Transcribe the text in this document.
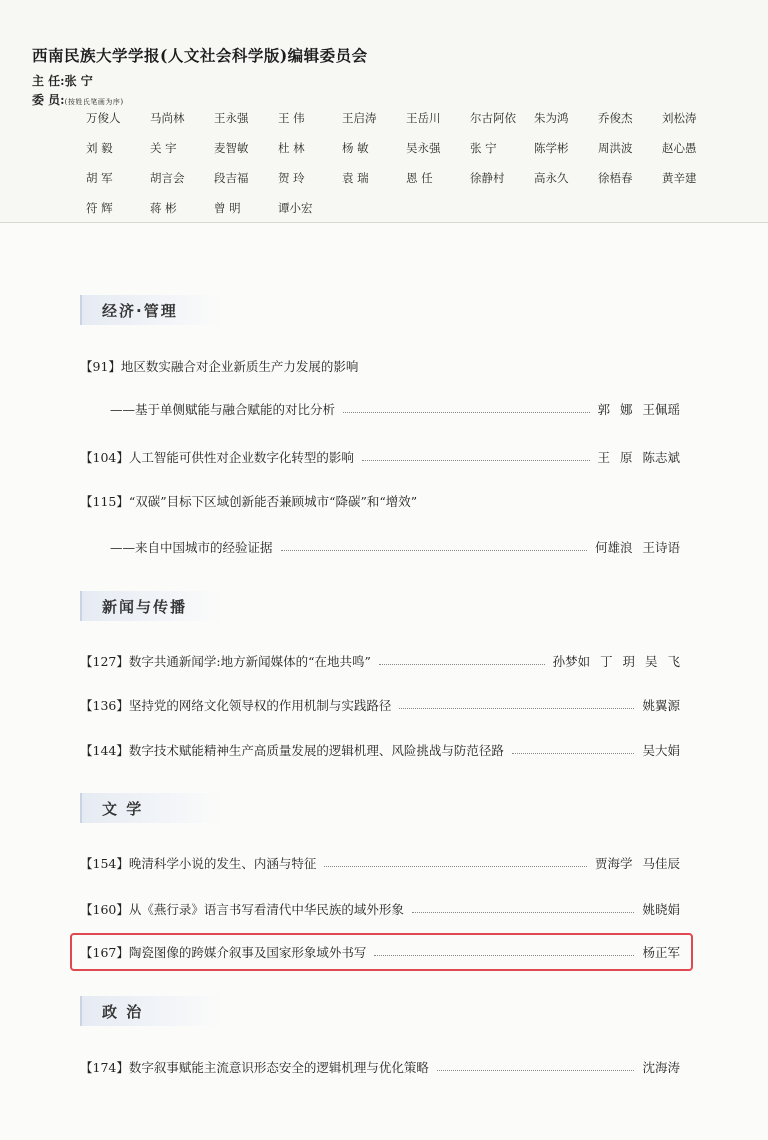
西南民族大学学报(人文社会科学版)编辑委员会
主 任:张 宁
委 员:(按姓氏笔画为序)
万俊人	马尚林	王永强	王 伟	王启涛	王岳川	尔古阿依	朱为鸿	乔俊杰	刘松涛
刘 毅	关 宇	麦智敏	杜 林	杨 敏	吴永强	张 宁	陈学彬	周洪波	赵心愚
胡 军	胡言会	段吉福	贺 玲	袁 瑞	恩 任	徐静村	高永久	徐梧春	黄辛建
符 辉	蒋 彬	曾 明	谭小宏
经济·管理
【91】 地区数实融合对企业新质生产力发展的影响
——基于单侧赋能与融合赋能的对比分析	郭 娜 王佩瑶
【104】 人工智能可供性对企业数字化转型的影响	王 原 陈志斌
【115】 “双碳”目标下区域创新能否兼顾城市“降碳”和“增效”
——来自中国城市的经验证据	何雄浪 王诗语
新闻与传播
【127】 数字共通新闻学:地方新闻媒体的“在地共鸣”	孙梦如 丁 玥 吴 飞
【136】 坚持党的网络文化领导权的作用机制与实践路径	姚翼源
【144】 数字技术赋能精神生产高质量发展的逻辑机理、风险挑战与防范径路	吴大娟
文 学
【154】 晚清科学小说的发生、内涵与特征	贾海学 马佳辰
【160】 从《燕行录》语言书写看清代中华民族的域外形象	姚晓娟
【167】 陶瓷图像的跨媒介叙事及国家形象域外书写	杨正军
政 治
【174】 数字叙事赋能主流意识形态安全的逻辑机理与优化策略	沈海涛
